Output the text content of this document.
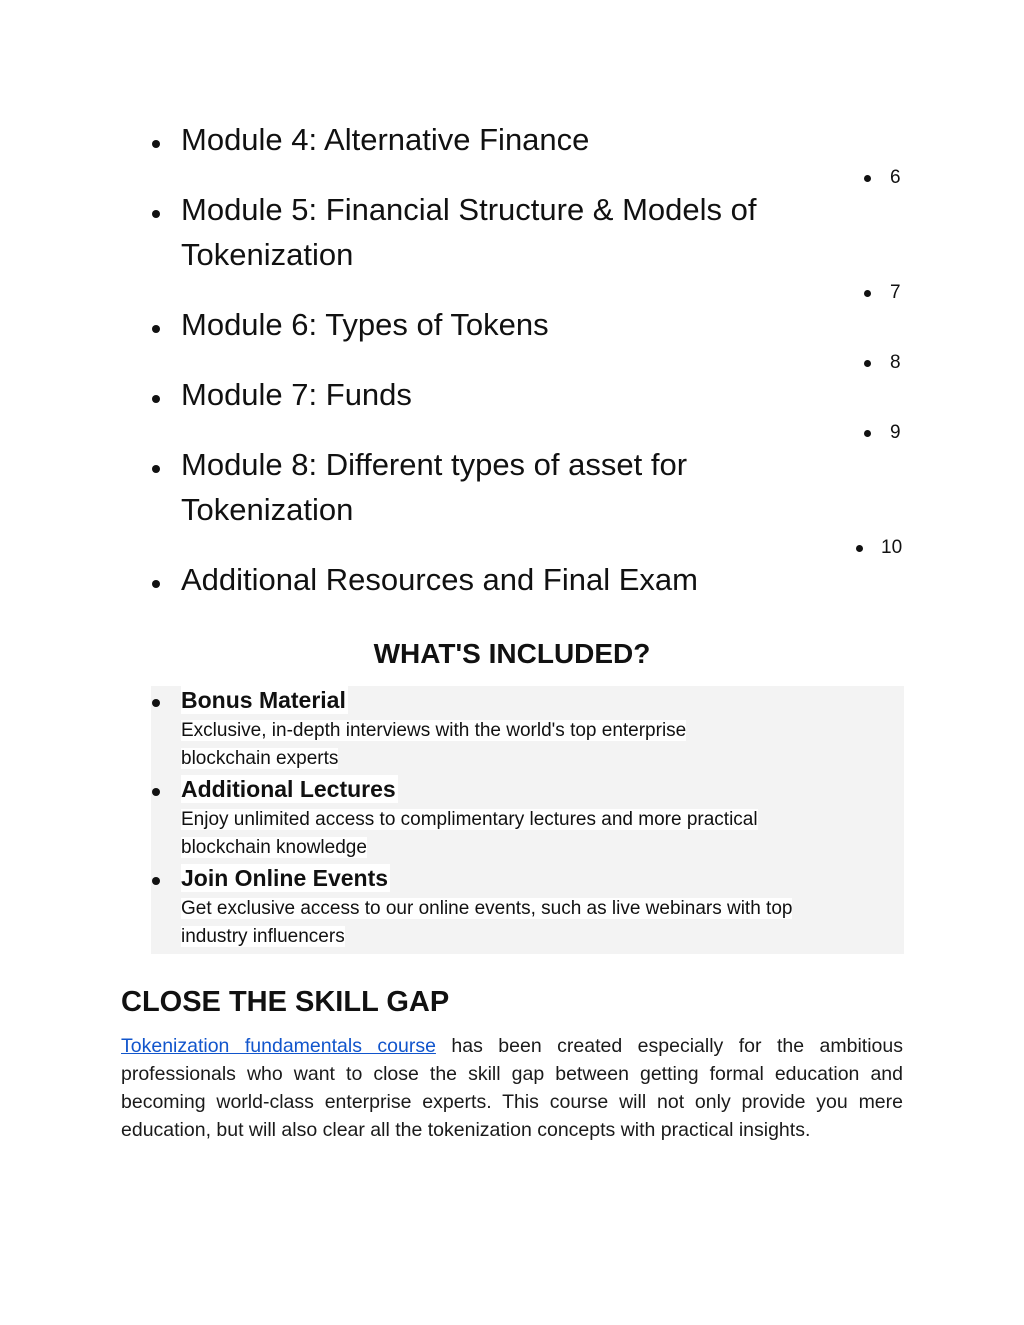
Module 4: Alternative Finance
Module 5: Financial Structure & Models of
Tokenization
Module 6: Types of Tokens
Module 7: Funds
Module 8: Different types of asset for
Tokenization
Additional Resources and Final Exam
6
7
8
9
10
WHAT'S INCLUDED?
Bonus Material
Exclusive, in-depth interviews with the world's top enterprise
blockchain experts
Additional Lectures
Enjoy unlimited access to complimentary lectures and more practical
blockchain knowledge
Join Online Events
Get exclusive access to our online events, such as live webinars with top
industry influencers
CLOSE THE SKILL GAP
Tokenization fundamentals course has been created especially for the ambitious professionals who want to close the skill gap between getting formal education and becoming world-class enterprise experts. This course will not only provide you mere education, but will also clear all the tokenization concepts with practical insights.
